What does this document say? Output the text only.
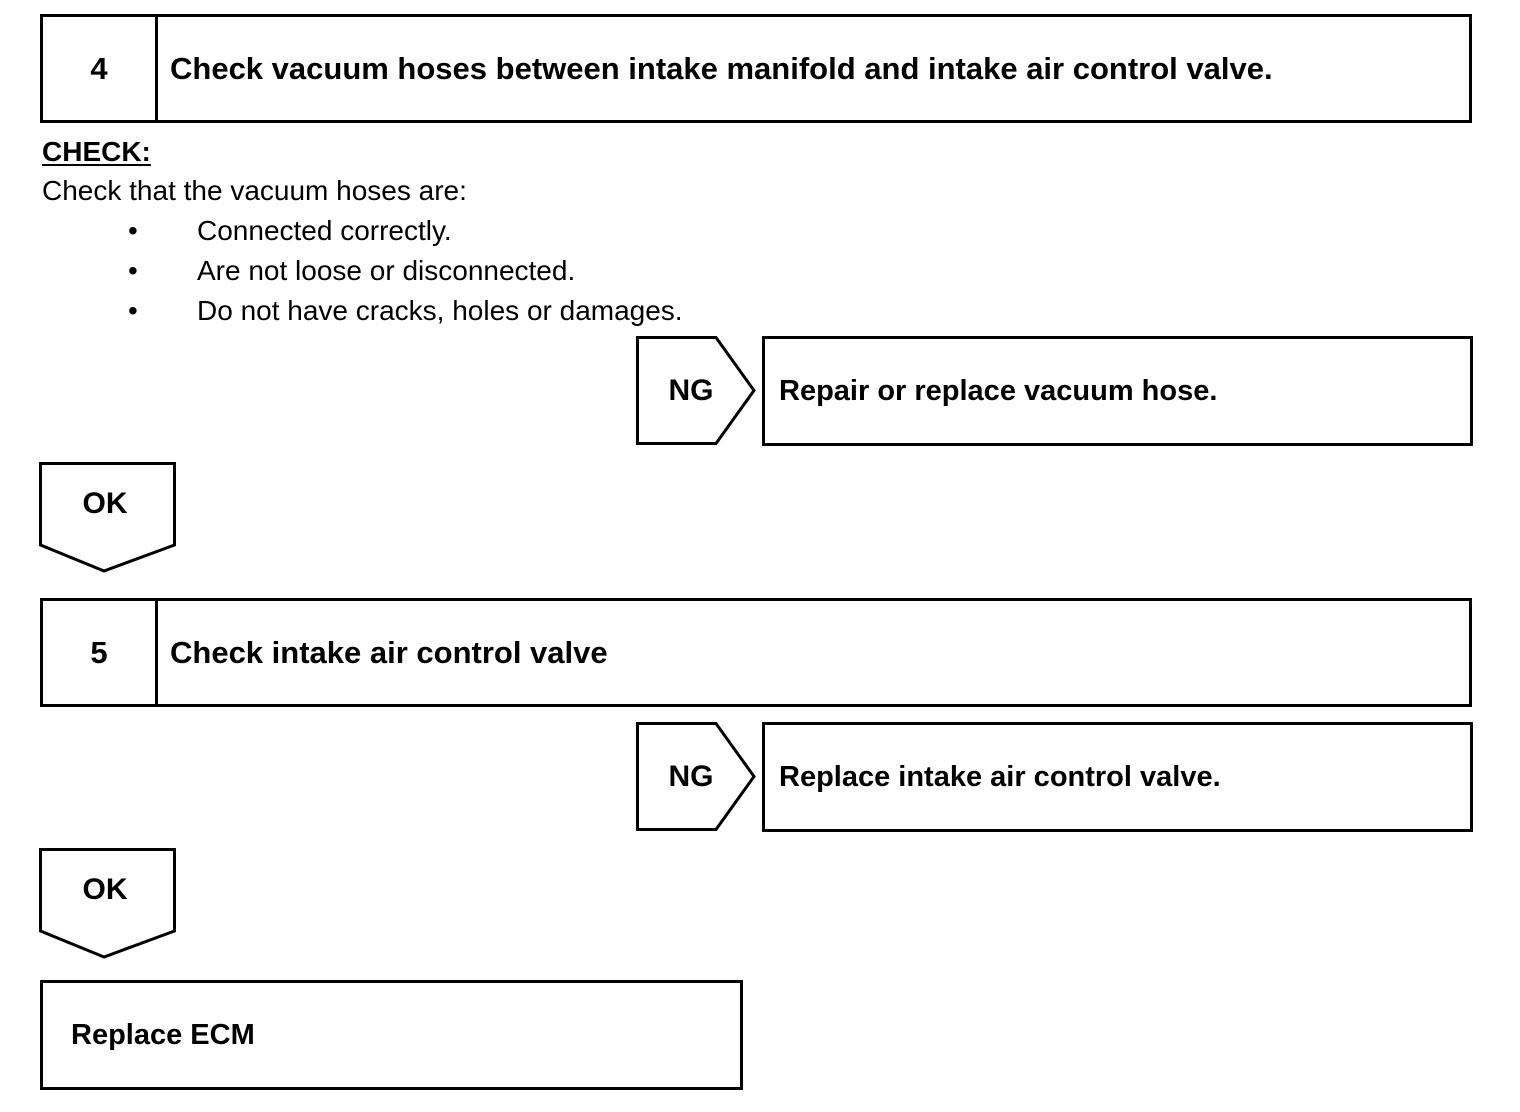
4	Check vacuum hoses between intake manifold and intake air control valve.
CHECK:
Check that the vacuum hoses are:
• Connected correctly.
• Are not loose or disconnected.
• Do not have cracks, holes or damages.
NG	Repair or replace vacuum hose.
OK
5	Check intake air control valve
NG	Replace intake air control valve.
OK
Replace ECM
